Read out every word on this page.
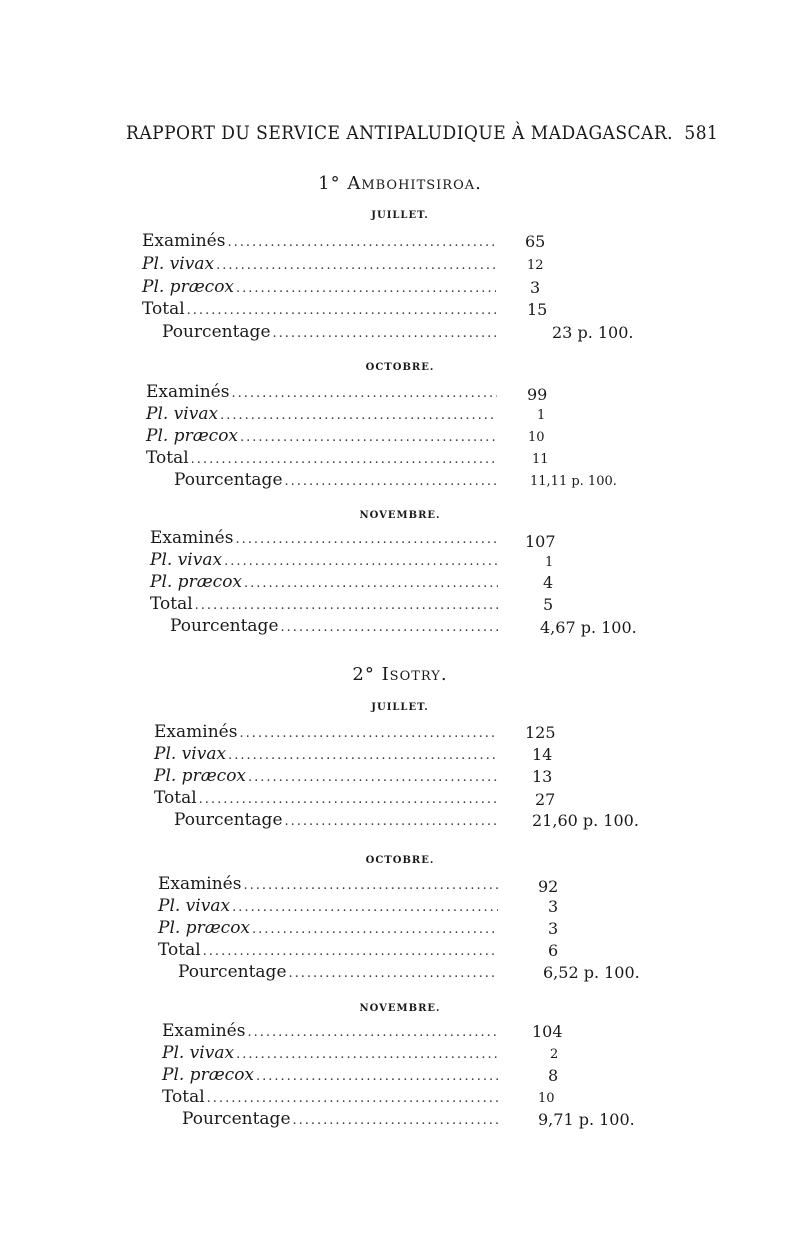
RAPPORT DU SERVICE ANTIPALUDIQUE À MADAGASCAR. 581
1° Ambohitsiroa.
JUILLET.
Examinés .....	65
Pl. vivax .....	12
Pl. præcox .....	3
Total .....	15
Pourcentage .....	23 p. 100.
OCTOBRE.
Examinés .....	99
Pl. vivax .....	1
Pl. præcox .....	10
Total .....	11
Pourcentage .....	11,11 p. 100.
NOVEMBRE.
Examinés .....	107
Pl. vivax .....	1
Pl. præcox .....	4
Total .....	5
Pourcentage .....	4,67 p. 100.
2° Isotry.
JUILLET.
Examinés .....	125
Pl. vivax .....	14
Pl. præcox .....	13
Total .....	27
Pourcentage .....	21,60 p. 100.
OCTOBRE.
Examinés .....	92
Pl. vivax .....	3
Pl. præcox .....	3
Total .....	6
Pourcentage .....	6,52 p. 100.
NOVEMBRE.
Examinés .....	104
Pl. vivax .....	2
Pl. præcox .....	8
Total .....	10
Pourcentage .....	9,71 p. 100.
